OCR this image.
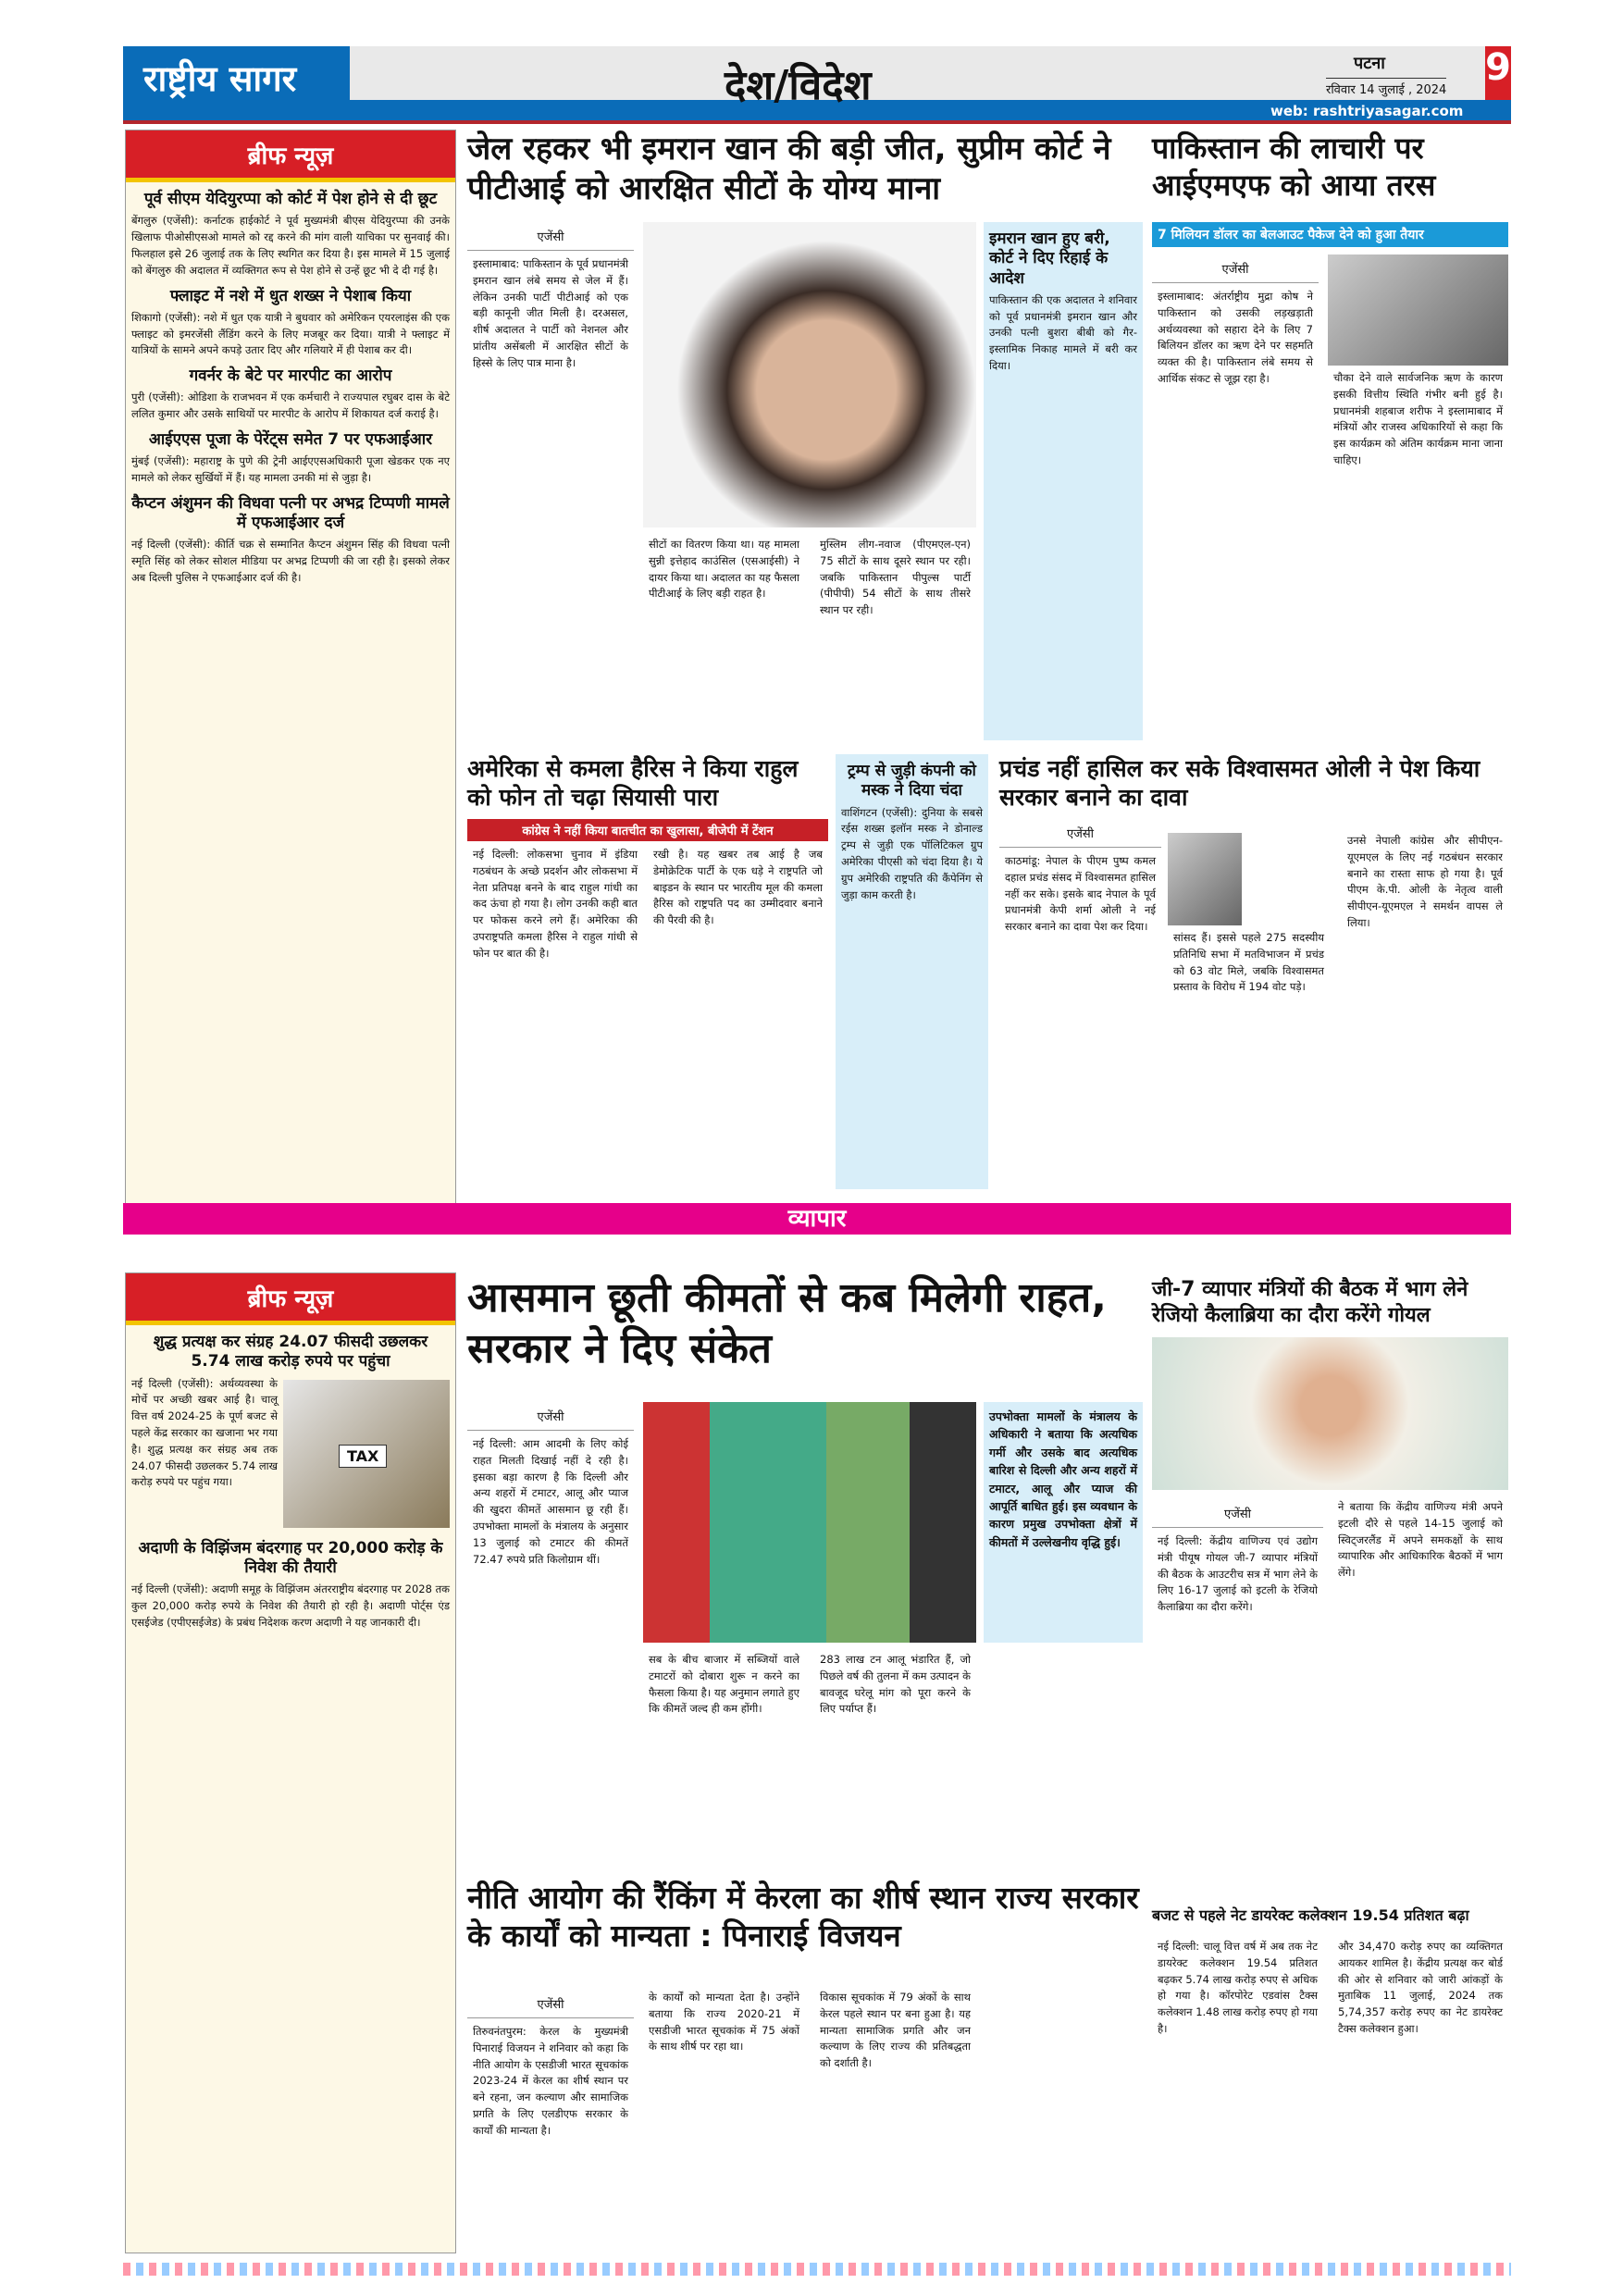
राष्ट्रीय सागर	देश/विदेश	पटना
रविवार 14 जुलाई , 2024
9
web: rashtriyasagar.com
ब्रीफ न्यूज़
पूर्व सीएम येदियुरप्पा को कोर्ट में पेश होने से दी छूट

बेंगलुरु (एजेंसी): कर्नाटक हाईकोर्ट ने पूर्व मुख्यमंत्री बीएस येदियुरप्पा की उनके खिलाफ पीओसीएसओ मामले को रद्द करने की मांग वाली याचिका पर सुनवाई की। फिलहाल इसे 26 जुलाई तक के लिए स्थगित कर दिया है। इस मामले में 15 जुलाई को बेंगलुरु की अदालत में व्यक्तिगत रूप से पेश होने से उन्हें छूट भी दे दी गई है।

फ्लाइट में नशे में धुत शख्स ने पेशाब किया

शिकागो (एजेंसी): नशे में धुत एक यात्री ने बुधवार को अमेरिकन एयरलाइंस की एक फ्लाइट को इमरजेंसी लैंडिंग करने के लिए मजबूर कर दिया। यात्री ने फ्लाइट में यात्रियों के सामने अपने कपड़े उतार दिए और गलियारे में ही पेशाब कर दी।

गवर्नर के बेटे पर मारपीट का आरोप

पुरी (एजेंसी): ओडिशा के राजभवन में एक कर्मचारी ने राज्यपाल रघुबर दास के बेटे ललित कुमार और उसके साथियों पर मारपीट के आरोप में शिकायत दर्ज कराई है।

आईएएस पूजा के पेरेंट्स समेत 7 पर एफआईआर

मुंबई (एजेंसी): महाराष्ट्र के पुणे की ट्रेनी आईएएसअधिकारी पूजा खेडकर एक नए मामले को लेकर सुर्खियों में हैं। यह मामला उनकी मां से जुड़ा है।

कैप्टन अंशुमन की विधवा पत्नी पर अभद्र टिप्पणी मामले में एफआईआर दर्ज

नई दिल्ली (एजेंसी): कीर्ति चक्र से सम्मानित कैप्टन अंशुमन सिंह की विधवा पत्नी स्मृति सिंह को लेकर सोशल मीडिया पर अभद्र टिप्पणी की जा रही है। इसको लेकर अब दिल्ली पुलिस ने एफआईआर दर्ज की है।

जेल रहकर भी इमरान खान की बड़ी जीत, सुप्रीम कोर्ट ने पीटीआई को आरक्षित सीटों के योग्य माना
एजेंसी

इस्लामाबाद: पाकिस्तान के पूर्व प्रधानमंत्री इमरान खान लंबे समय से जेल में हैं। लेकिन उनकी पार्टी पीटीआई को एक बड़ी कानूनी जीत मिली है। दरअसल, शीर्ष अदालत ने पार्टी को नेशनल और प्रांतीय असेंबली में आरक्षित सीटों के हिस्से के लिए पात्र माना है।

सीटों का वितरण किया था। यह मामला सुन्नी इत्तेहाद काउंसिल (एसआईसी) ने दायर किया था। अदालत का यह फैसला पीटीआई के लिए बड़ी राहत है।

मुस्लिम लीग-नवाज (पीएमएल-एन) 75 सीटों के साथ दूसरे स्थान पर रही। जबकि पाकिस्तान पीपुल्स पार्टी (पीपीपी) 54 सीटों के साथ तीसरे स्थान पर रही।

इमरान खान हुए बरी, कोर्ट ने दिए रिहाई के आदेश

पाकिस्तान की एक अदालत ने शनिवार को पूर्व प्रधानमंत्री इमरान खान और उनकी पत्नी बुशरा बीबी को गैर-इस्लामिक निकाह मामले में बरी कर दिया।

पाकिस्तान की लाचारी पर आईएमएफ को आया तरस
7 मिलियन डॉलर का बेलआउट पैकेज देने को हुआ तैयार
एजेंसी

इस्लामाबाद: अंतर्राष्ट्रीय मुद्रा कोष ने पाकिस्तान को उसकी लड़खड़ाती अर्थव्यवस्था को सहारा देने के लिए 7 बिलियन डॉलर का ऋण देने पर सहमति व्यक्त की है। पाकिस्तान लंबे समय से आर्थिक संकट से जूझ रहा है।	चौका देने वाले सार्वजनिक ऋण के कारण इसकी वित्तीय स्थिति गंभीर बनी हुई है। प्रधानमंत्री शहबाज शरीफ ने इस्लामाबाद में मंत्रियों और राजस्व अधिकारियों से कहा कि इस कार्यक्रम को अंतिम कार्यक्रम माना जाना चाहिए।

अमेरिका से कमला हैरिस ने किया राहुल को फोन तो चढ़ा सियासी पारा
कांग्रेस ने नहीं किया बातचीत का खुलासा, बीजेपी में टेंशन

नई दिल्ली: लोकसभा चुनाव में इंडिया गठबंधन के अच्छे प्रदर्शन और लोकसभा में नेता प्रतिपक्ष बनने के बाद राहुल गांधी का कद ऊंचा हो गया है। लोग उनकी कही बात पर फोकस करने लगे हैं। अमेरिका की उपराष्ट्रपति कमला हैरिस ने राहुल गांधी से फोन पर बात की है।

रखी है। यह खबर तब आई है जब डेमोक्रेटिक पार्टी के एक धड़े ने राष्ट्रपति जो बाइडन के स्थान पर भारतीय मूल की कमला हैरिस को राष्ट्रपति पद का उम्मीदवार बनाने की पैरवी की है।

ट्रम्प से जुड़ी कंपनी को मस्क ने दिया चंदा

वाशिंगटन (एजेंसी): दुनिया के सबसे रईस शख्स इलॉन मस्क ने डोनाल्ड ट्रम्प से जुड़ी एक पॉलिटिकल ग्रुप अमेरिका पीएसी को चंदा दिया है। ये ग्रुप अमेरिकी राष्ट्रपति की कैंपेनिंग से जुड़ा काम करती है।

प्रचंड नहीं हासिल कर सके विश्वासमत ओली ने पेश किया सरकार बनाने का दावा
एजेंसी

काठमांडू: नेपाल के पीएम पुष्प कमल दहाल प्रचंड संसद में विश्वासमत हासिल नहीं कर सके। इसके बाद नेपाल के पूर्व प्रधानमंत्री केपी शर्मा ओली ने नई सरकार बनाने का दावा पेश कर दिया।

सांसद हैं। इससे पहले 275 सदस्यीय प्रतिनिधि सभा में मतविभाजन में प्रचंड को 63 वोट मिले, जबकि विश्वासमत प्रस्ताव के विरोध में 194 वोट पड़े।

उनसे नेपाली कांग्रेस और सीपीएन-यूएमएल के लिए नई गठबंधन सरकार बनाने का रास्ता साफ हो गया है। पूर्व पीएम के.पी. ओली के नेतृत्व वाली सीपीएन-यूएमएल ने समर्थन वापस ले लिया।

व्यापार
ब्रीफ न्यूज़
शुद्ध प्रत्यक्ष कर संग्रह 24.07 फीसदी उछलकर 5.74 लाख करोड़ रुपये पर पहुंचा
TAX

नई दिल्ली (एजेंसी): अर्थव्यवस्था के मोर्चे पर अच्छी खबर आई है। चालू वित्त वर्ष 2024-25 के पूर्ण बजट से पहले केंद्र सरकार का खजाना भर गया है। शुद्ध प्रत्यक्ष कर संग्रह अब तक 24.07 फीसदी उछलकर 5.74 लाख करोड़ रुपये पर पहुंच गया।

अदाणी के विझिंजम बंदरगाह पर 20,000 करोड़ के निवेश की तैयारी

नई दिल्ली (एजेंसी): अदाणी समूह के विझिंजम अंतरराष्ट्रीय बंदरगाह पर 2028 तक कुल 20,000 करोड़ रुपये के निवेश की तैयारी हो रही है। अदाणी पोर्ट्स एंड एसईजेड (एपीएसईजेड) के प्रबंध निदेशक करण अदाणी ने यह जानकारी दी।

आसमान छूती कीमतों से कब मिलेगी राहत, सरकार ने दिए संकेत
एजेंसी

नई दिल्ली: आम आदमी के लिए कोई राहत मिलती दिखाई नहीं दे रही है। इसका बड़ा कारण है कि दिल्ली और अन्य शहरों में टमाटर, आलू और प्याज की खुदरा कीमतें आसमान छू रही हैं। उपभोक्ता मामलों के मंत्रालय के अनुसार 13 जुलाई को टमाटर की कीमतें 72.47 रुपये प्रति किलोग्राम थीं।

उपभोक्ता मामलों के मंत्रालय के अधिकारी ने बताया कि अत्यधिक गर्मी और उसके बाद अत्यधिक बारिश से दिल्ली और अन्य शहरों में टमाटर, आलू और प्याज की आपूर्ति बाधित हुई। इस व्यवधान के कारण प्रमुख उपभोक्ता क्षेत्रों में कीमतों में उल्लेखनीय वृद्धि हुई।

सब के बीच बाजार में सब्जियों वाले टमाटरों को दोबारा शुरू न करने का फैसला किया है। यह अनुमान लगाते हुए कि कीमतें जल्द ही कम होंगी।

283 लाख टन आलू भंडारित हैं, जो पिछले वर्ष की तुलना में कम उत्पादन के बावजूद घरेलू मांग को पूरा करने के लिए पर्याप्त हैं।

जी-7 व्यापार मंत्रियों की बैठक में भाग लेने रेजियो कैलाब्रिया का दौरा करेंगे गोयल
एजेंसी

नई दिल्ली: केंद्रीय वाणिज्य एवं उद्योग मंत्री पीयूष गोयल जी-7 व्यापार मंत्रियों की बैठक के आउटरीच सत्र में भाग लेने के लिए 16-17 जुलाई को इटली के रेजियो कैलाब्रिया का दौरा करेंगे।

ने बताया कि केंद्रीय वाणिज्य मंत्री अपने इटली दौरे से पहले 14-15 जुलाई को स्विट्जरलैंड में अपने समकक्षों के साथ व्यापारिक और आधिकारिक बैठकों में भाग लेंगे।

नीति आयोग की रैंकिंग में केरला का शीर्ष स्थान राज्य सरकार के कार्यों को मान्यता : पिनाराई विजयन
एजेंसी

तिरुवनंतपुरम: केरल के मुख्यमंत्री पिनाराई विजयन ने शनिवार को कहा कि नीति आयोग के एसडीजी भारत सूचकांक 2023-24 में केरल का शीर्ष स्थान पर बने रहना, जन कल्याण और सामाजिक प्रगति के लिए एलडीएफ सरकार के कार्यों की मान्यता है।

के कार्यों को मान्यता देता है। उन्होंने बताया कि राज्य 2020-21 में एसडीजी भारत सूचकांक में 75 अंकों के साथ शीर्ष पर रहा था।

विकास सूचकांक में 79 अंकों के साथ केरल पहले स्थान पर बना हुआ है। यह मान्यता सामाजिक प्रगति और जन कल्याण के लिए राज्य की प्रतिबद्धता को दर्शाती है।

बजट से पहले नेट डायरेक्ट कलेक्शन 19.54 प्रतिशत बढ़ा

नई दिल्ली: चालू वित्त वर्ष में अब तक नेट डायरेक्ट कलेक्शन 19.54 प्रतिशत बढ़कर 5.74 लाख करोड़ रुपए से अधिक हो गया है। कॉरपोरेट एडवांस टैक्स कलेक्शन 1.48 लाख करोड़ रुपए हो गया है।

और 34,470 करोड़ रुपए का व्यक्तिगत आयकर शामिल है। केंद्रीय प्रत्यक्ष कर बोर्ड की ओर से शनिवार को जारी आंकड़ों के मुताबिक 11 जुलाई, 2024 तक 5,74,357 करोड़ रुपए का नेट डायरेक्ट टैक्स कलेक्शन हुआ।
